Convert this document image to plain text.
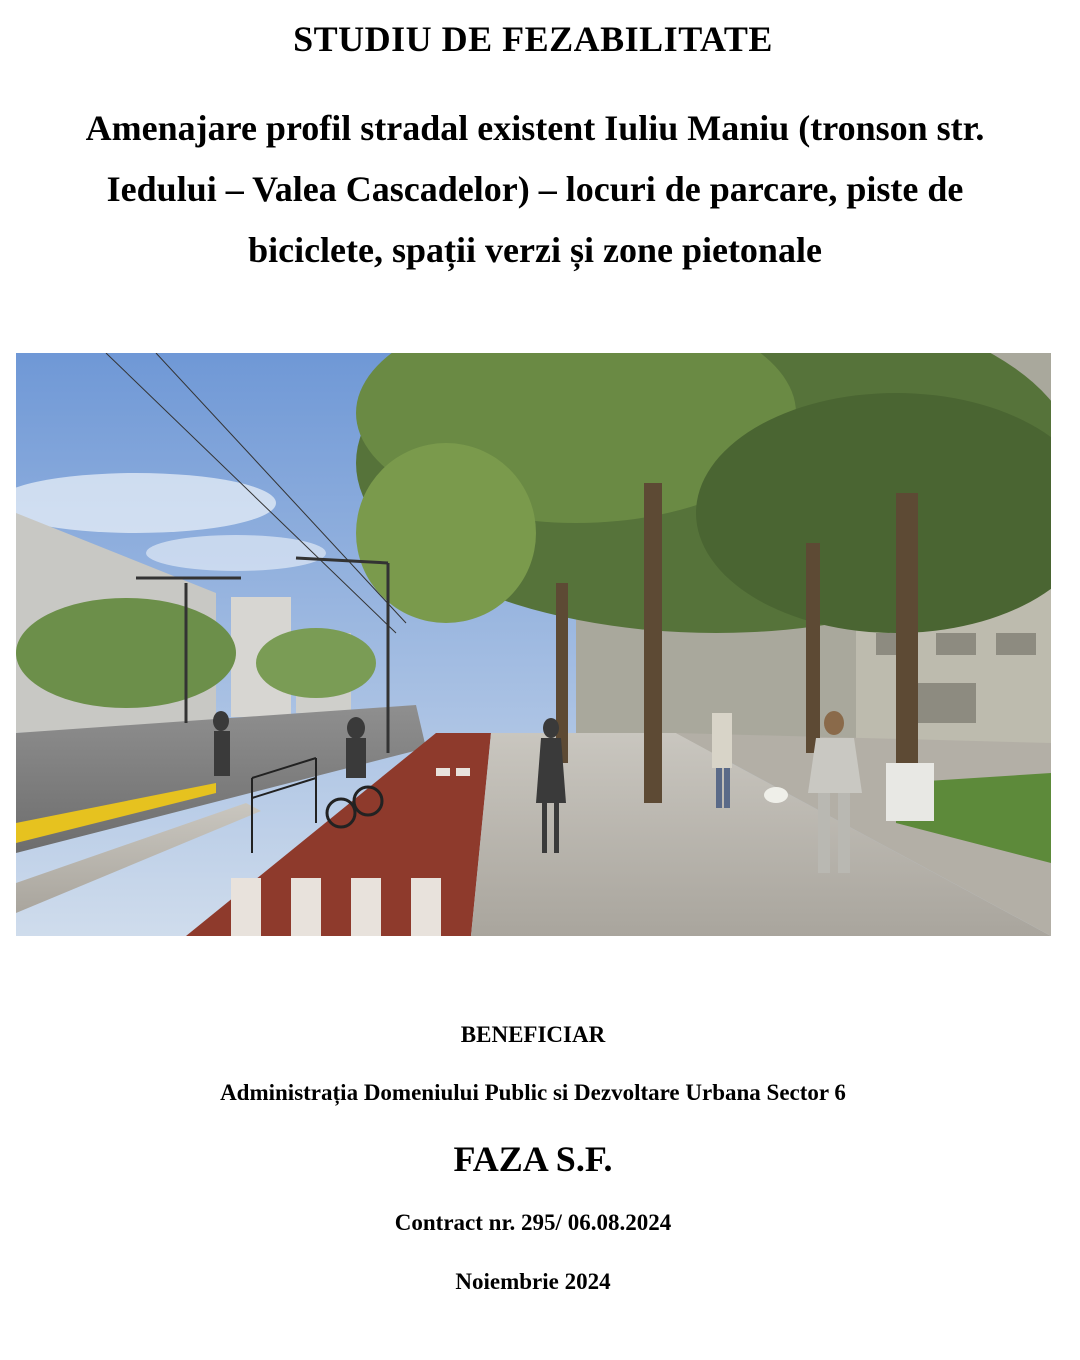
STUDIU DE FEZABILITATE
Amenajare profil stradal existent Iuliu Maniu (tronson str.
Iedului – Valea Cascadelor) – locuri de parcare, piste de
biciclete, spații verzi și zone pietonale
BENEFICIAR
Administrația Domeniului Public si Dezvoltare Urbana Sector 6
FAZA S.F.
Contract nr. 295/ 06.08.2024
Noiembrie 2024
